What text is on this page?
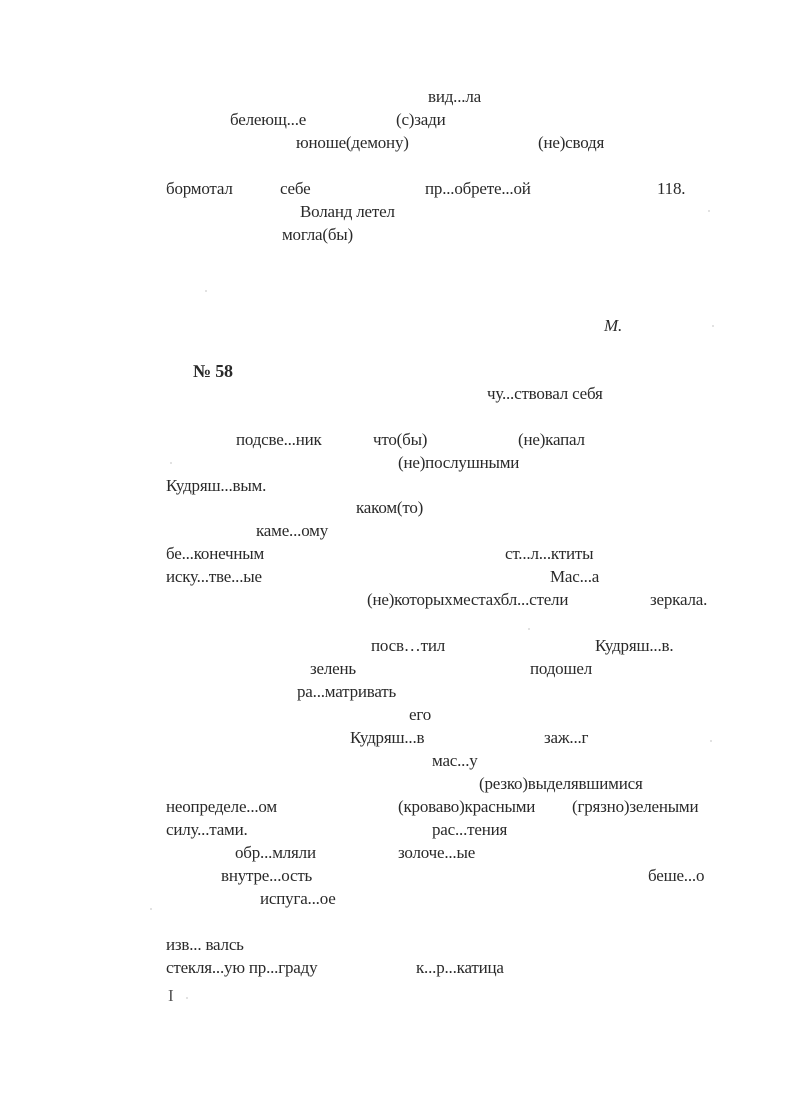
вид...ла
белеющ...е	(с)зади
юноше(демону)	(не)сводя
бормотал	себе	пр...обрете...ой	118.
Воланд летел
могла(бы)
М.
№ 58
чу...ствовал себя
подсве...ник	что(бы)	(не)капал
(не)послушными
Кудряш...вым.
каком(то)
каме...ому
бе...конечным	ст...л...ктиты
иску...тве...ые	Мас...а
(не)которыхместахбл...стели	зеркала.
посв…тил	Кудряш...в.
зелень	подошел
ра...матривать
его
Кудряш...в	заж...г
мас...у
(резко)выделявшимися
неопределе...ом	(кроваво)красными (грязно)зелеными
силу...тами.	рас...тения
обр...мляли	золоче...ые
внутре...ость	беше...о
испуга...ое
изв... валсь
стекля...ую пр...граду	к...р...катица
I
